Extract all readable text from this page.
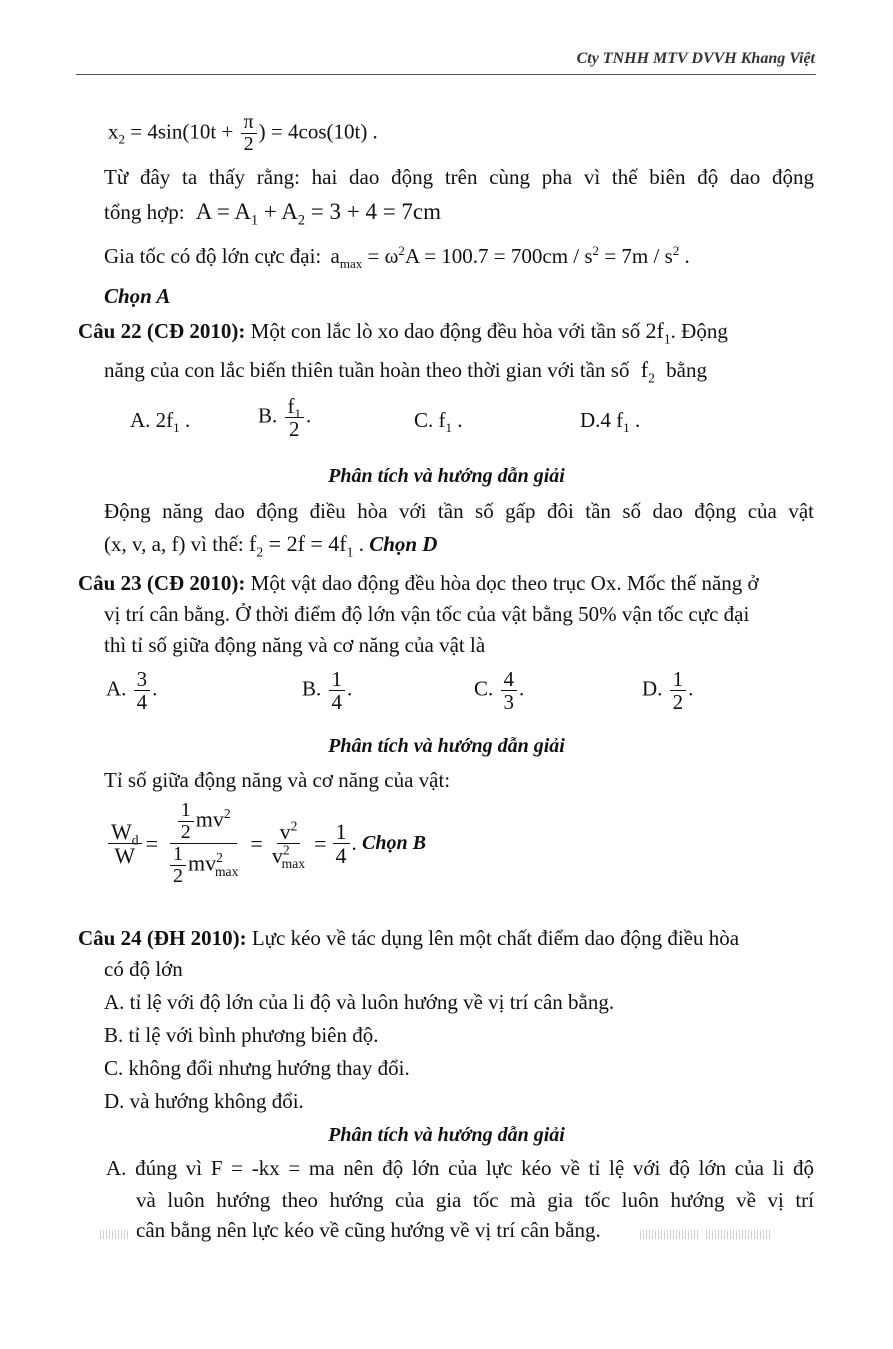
Cty TNHH MTV DVVH Khang Việt
$x_2 = 4\sin(10t + \frac{\pi}{2}$ ) = 4cos(10t) .
Từ đây ta thấy rằng: hai dao động trên cùng pha vì thế biên độ dao động
tổng hợp: $A = A_1 + A_2 = 3 + 4 = 7cm$
Gia tốc có độ lớn cực đại: $a_{max} = \omega^2A = 100.7 = 700cm / s^2 = 7m / s^2$ .
Chọn A
Câu 22 (CĐ 2010): Một con lắc lò xo dao động đều hòa với tần số $2f_1$. Động
năng của con lắc biến thiên tuần hoàn theo thời gian với tần số $f_2$ bằng
A. $2f_1$ .	B. $\frac{f_1}{2}$ .	C. $f_1$ .	D.4 $f_1$ .
Phân tích và hướng dẫn giải
Động năng dao động điều hòa với tần số gấp đôi tần số dao động của vật
(x, v, a, f) vì thế: $f_2 = 2f = 4f_1$ . Chọn D
Câu 23 (CĐ 2010): Một vật dao động đều hòa dọc theo trục Ox. Mốc thế năng ở
vị trí cân bằng. Ở thời điểm độ lớn vận tốc của vật bằng 50% vận tốc cực đại
thì tỉ số giữa động năng và cơ năng của vật là
A. $\frac{3}{4}$ .	B. $\frac{1}{4}$ .	C. $\frac{4}{3}$ .	D. $\frac{1}{2}$ .
Phân tích và hướng dẫn giải
Tỉ số giữa động năng và cơ năng của vật:
$\frac{W_d}{W} = \frac{\frac{1}{2} mv^2}{\frac{1}{2} mv^2_{max}} = \frac{v^2}{v^2_{max}} = \frac{1}{4}$ . Chọn B
Câu 24 (ĐH 2010): Lực kéo về tác dụng lên một chất điểm dao động điều hòa
có độ lớn
A. tỉ lệ với độ lớn của li độ và luôn hướng về vị trí cân bằng.
B. tỉ lệ với bình phương biên độ.
C. không đổi nhưng hướng thay đổi.
D. và hướng không đổi.
Phân tích và hướng dẫn giải
A. đúng vì F = -kx = ma nên độ lớn của lực kéo về tỉ lệ với độ lớn của li độ
và luôn hướng theo hướng của gia tốc mà gia tốc luôn hướng về vị trí
cân bằng nên lực kéo về cũng hướng về vị trí cân bằng.
